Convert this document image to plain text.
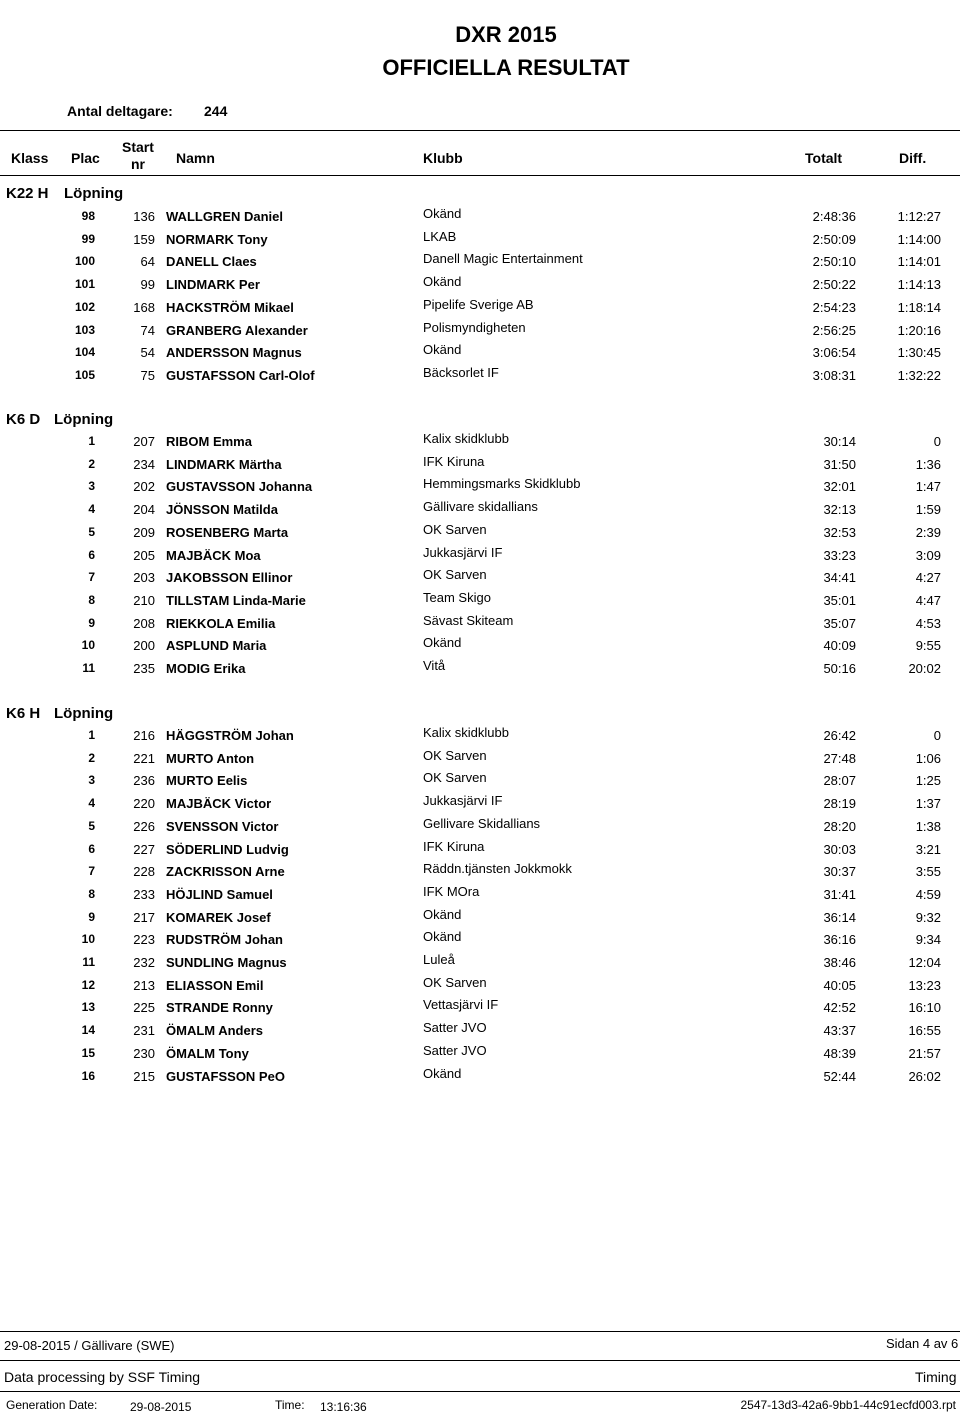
DXR 2015
OFFICIELLA RESULTAT
Antal deltagare: 244
Klass Plac
Start
nr	Namn	Klubb	Totalt	Diff.
K22 H Löpning
98	136 WALLGREN Daniel	Okänd	2:48:36	1:12:27
99	159 NORMARK Tony	LKAB	2:50:09	1:14:00
100	64 DANELL Claes	Danell Magic Entertainment	2:50:10	1:14:01
101	99 LINDMARK Per	Okänd	2:50:22	1:14:13
102	168 HACKSTRÖM Mikael	Pipelife Sverige AB	2:54:23	1:18:14
103	74 GRANBERG Alexander	Polismyndigheten	2:56:25	1:20:16
104	54 ANDERSSON Magnus	Okänd	3:06:54	1:30:45
105	75 GUSTAFSSON Carl-Olof	Bäcksorlet IF	3:08:31	1:32:22
K6 D Löpning
1	207 RIBOM Emma	Kalix skidklubb	30:14	0
2	234 LINDMARK Märtha	IFK Kiruna	31:50	1:36
3	202 GUSTAVSSON Johanna	Hemmingsmarks Skidklubb	32:01	1:47
4	204 JÖNSSON Matilda	Gällivare skidallians	32:13	1:59
5	209 ROSENBERG Marta	OK Sarven	32:53	2:39
6	205 MAJBÄCK Moa	Jukkasjärvi IF	33:23	3:09
7	203 JAKOBSSON Ellinor	OK Sarven	34:41	4:27
8	210 TILLSTAM Linda-Marie	Team Skigo	35:01	4:47
9	208 RIEKKOLA Emilia	Sävast Skiteam	35:07	4:53
10	200 ASPLUND Maria	Okänd	40:09	9:55
11	235 MODIG Erika	Vitå	50:16	20:02
K6 H Löpning
1	216 HÄGGSTRÖM Johan	Kalix skidklubb	26:42	0
2	221 MURTO Anton	OK Sarven	27:48	1:06
3	236 MURTO Eelis	OK Sarven	28:07	1:25
4	220 MAJBÄCK Victor	Jukkasjärvi IF	28:19	1:37
5	226 SVENSSON Victor	Gellivare Skidallians	28:20	1:38
6	227 SÖDERLIND Ludvig	IFK Kiruna	30:03	3:21
7	228 ZACKRISSON Arne	Räddn.tjänsten Jokkmokk	30:37	3:55
8	233 HÖJLIND Samuel	IFK MOra	31:41	4:59
9	217 KOMAREK Josef	Okänd	36:14	9:32
10	223 RUDSTRÖM Johan	Okänd	36:16	9:34
11	232 SUNDLING Magnus	Luleå	38:46	12:04
12	213 ELIASSON Emil	OK Sarven	40:05	13:23
13	225 STRANDE Ronny	Vettasjärvi IF	42:52	16:10
14	231 ÖMALM Anders	Satter JVO	43:37	16:55
15	230 ÖMALM Tony	Satter JVO	48:39	21:57
16	215 GUSTAFSSON PeO	Okänd	52:44	26:02
29-08-2015 / Gällivare (SWE)	Sidan 4 av 6
Data processing by SSF Timing	Timing
Generation Date:	29-08-2015	Time: 13:16:36	2547-13d3-42a6-9bb1-44c91ecfd003.rpt
